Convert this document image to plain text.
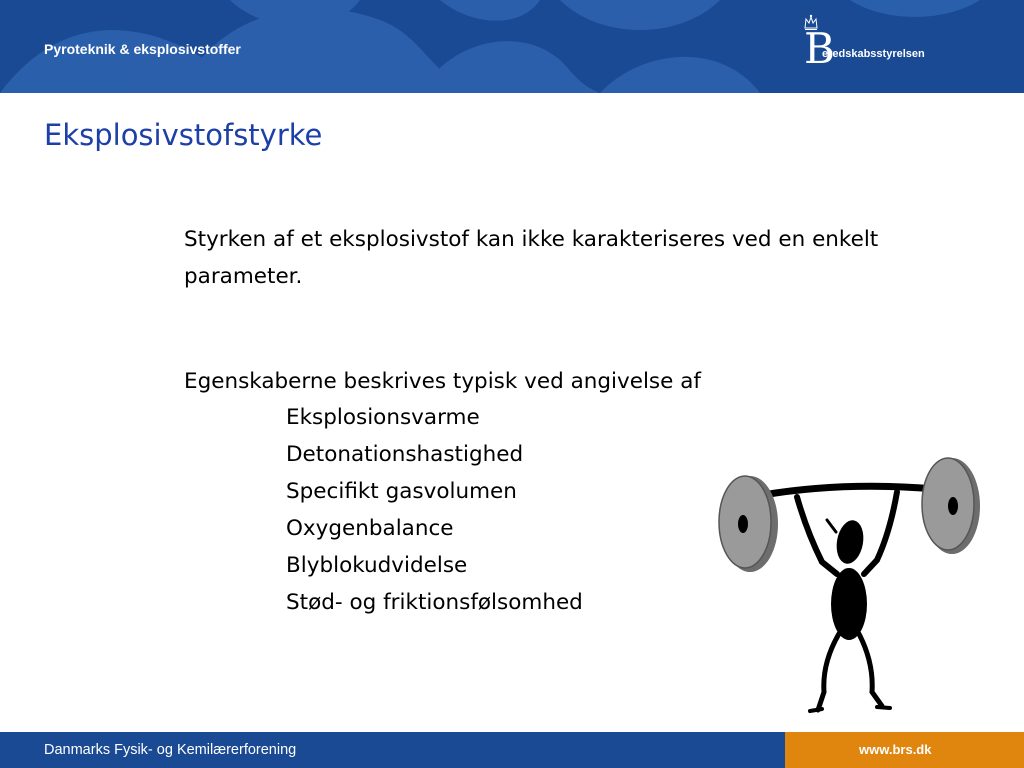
Pyroteknik & eksplosivstoffer	B
eredskabsstyrelsen
Eksplosivstofstyrke
Styrken af et eksplosivstof kan ikke karakteriseres ved en enkelt parameter.
Egenskaberne beskrives typisk ved angivelse af
Eksplosionsvarme
Detonationshastighed
Specifikt gasvolumen
Oxygenbalance
Blyblokudvidelse
Stød- og friktionsfølsomhed
Danmarks Fysik- og Kemilærerforening	www.brs.dk
